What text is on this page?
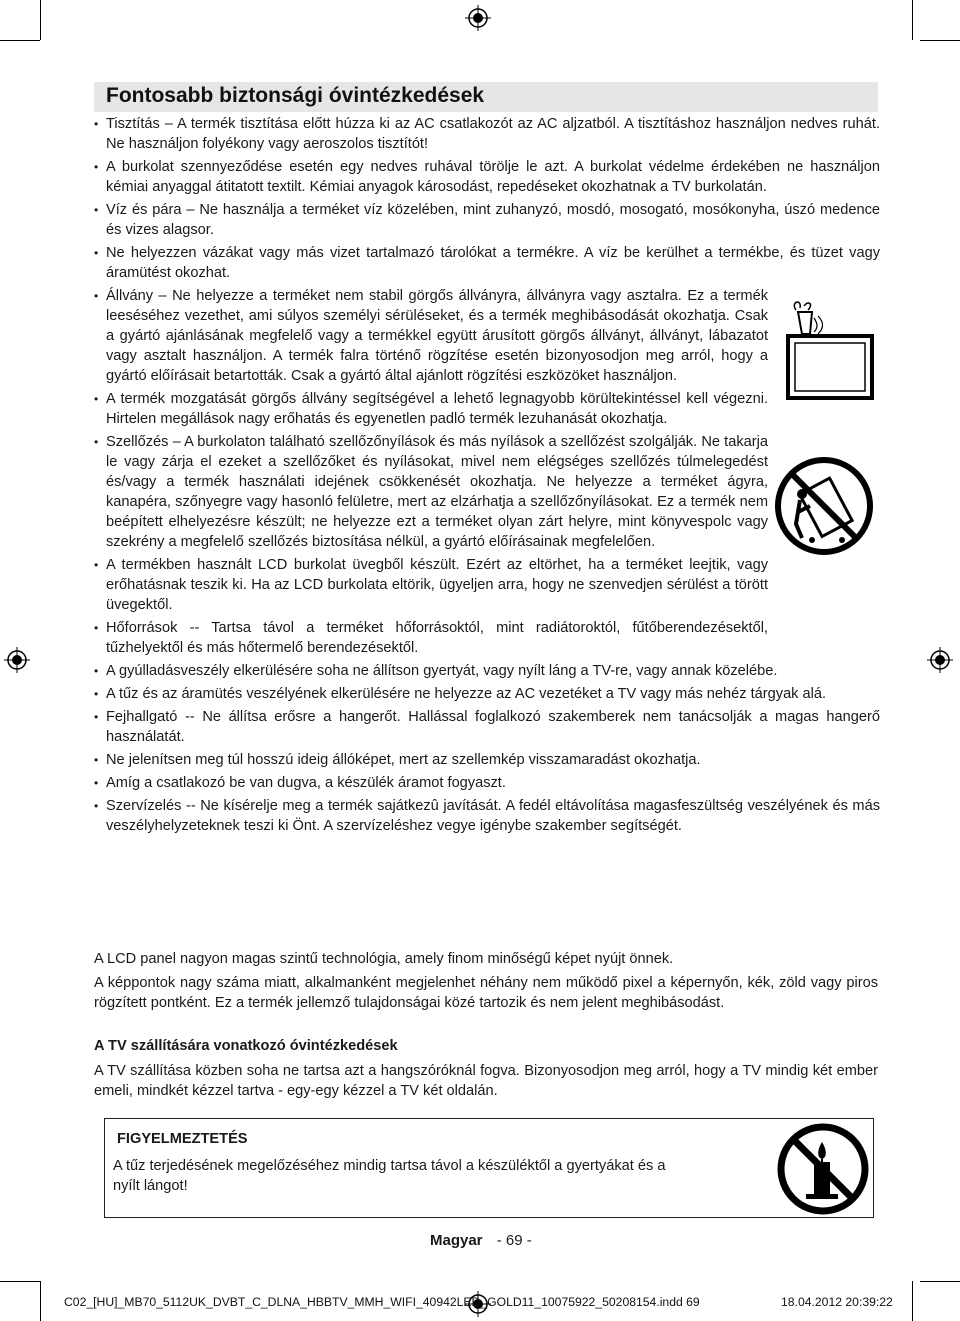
Fontosabb biztonsági óvintézkedések
• Tisztítás – A termék tisztítása előtt húzza ki az AC csatlakozót az AC aljzatból. A tisztításhoz használjon nedves ruhát. Ne használjon folyékony vagy aeroszolos tisztítót!
• A burkolat szennyeződése esetén egy nedves ruhával törölje le azt. A burkolat védelme érdekében ne használjon kémiai anyaggal átitatott textilt. Kémiai anyagok károsodást, repedéseket okozhatnak a TV burkolatán.
• Víz és pára – Ne használja a terméket víz közelében, mint zuhanyzó, mosdó, mosogató, mosókonyha, úszó medence és vizes alagsor.
• Ne helyezzen vázákat vagy más vizet tartalmazó tárolókat a termékre. A víz be kerülhet a termékbe, és tüzet vagy áramütést okozhat.
• Állvány – Ne helyezze a terméket nem stabil görgős állványra, állványra vagy asztalra. Ez a termék leeséséhez vezethet, ami súlyos személyi sérüléseket, és a termék meghibásodását okozhatja. Csak a gyártó ajánlásának megfelelő vagy a termékkel együtt árusított görgős állványt, állványt, lábazatot vagy asztalt használjon. A termék falra történő rögzítése esetén bizonyosodjon meg arról, hogy a gyártó előírásait betartották. Csak a gyártó által ajánlott rögzítési eszközöket használjon.
• A termék mozgatását görgős állvány segítségével a lehető legnagyobb körültekintéssel kell végezni. Hirtelen megállások nagy erőhatás és egyenetlen padló termék lezuhanását okozhatja.
• Szellőzés – A burkolaton található szellőzőnyílások és más nyílások a szellőzést szolgálják. Ne takarja le vagy zárja el ezeket a szellőzőket és nyílásokat, mivel nem elégséges szellőzés túlmelegedést és/vagy a termék használati idejének csökkenését okozhatja. Ne helyezze a terméket ágyra, kanapéra, szőnyegre vagy hasonló felületre, mert az elzárhatja a szellőzőnyílásokat. Ez a termék nem beépített elhelyezésre készült; ne helyezze ezt a terméket olyan zárt helyre, mint könyvespolc vagy szekrény a megfelelő szellőzés biztosítása nélkül, a gyártó előírásainak megfelelően.
• A termékben használt LCD burkolat üvegből készült. Ezért az eltörhet, ha a terméket leejtik, vagy erőhatásnak teszik ki. Ha az LCD burkolata eltörik, ügyeljen arra, hogy ne szenvedjen sérülést a törött üvegektől.
• Hőforrások -- Tartsa távol a terméket hőforrásoktól, mint radiátoroktól, fűtőberendezésektől, tűzhelyektől és más hőtermelő berendezésektől.
• A gyúlladásveszély elkerülésére soha ne állítson gyertyát, vagy nyílt láng a TV-re, vagy annak közelébe.
• A tűz és az áramütés veszélyének elkerülésére ne helyezze az AC vezetéket a TV vagy más nehéz tárgyak alá.
• Fejhallgató -- Ne állítsa erősre a hangerőt. Hallással foglalkozó szakemberek nem tanácsolják a magas hangerő használatát.
• Ne jelenítsen meg túl hosszú ideig állóképet, mert az szellemkép visszamaradást okozhatja.
• Amíg a csatlakozó be van dugva, a készülék áramot fogyaszt.
• Szervízelés -- Ne kísérelje meg a termék sajátkezû javítását. A fedél eltávolítása magasfeszültség veszélyének és más veszélyhelyzeteknek teszi ki Önt. A szervízeléshez vegye igénybe szakember segítségét.

A LCD panel nagyon magas szintű technológia, amely finom minőségű képet nyújt önnek.

A képpontok nagy száma miatt, alkalmanként megjelenhet néhány nem működő pixel a képernyőn, kék, zöld vagy piros rögzített pontként. Ez a termék jellemző tulajdonságai közé tartozik és nem jelent meghibásodást.

A TV szállítására vonatkozó óvintézkedések

A TV szállítása közben soha ne tartsa azt a hangszóróknál fogva. Bizonyosodjon meg arról, hogy a TV mindig két ember emeli, mindkét kézzel tartva - egy-egy kézzel a TV két oldalán.

FIGYELMEZTETÉS

A tűz terjedésének megelőzéséhez mindig tartsa távol a készüléktől a gyertyákat és a nyílt lángot!

Magyar - 69 -
C02_[HU]_MB70_5112UK_DVBT_C_DLNA_HBBTV_MMH_WIFI_40942LED_GOLD11_10075922_50208154.indd 69	18.04.2012 20:39:22
